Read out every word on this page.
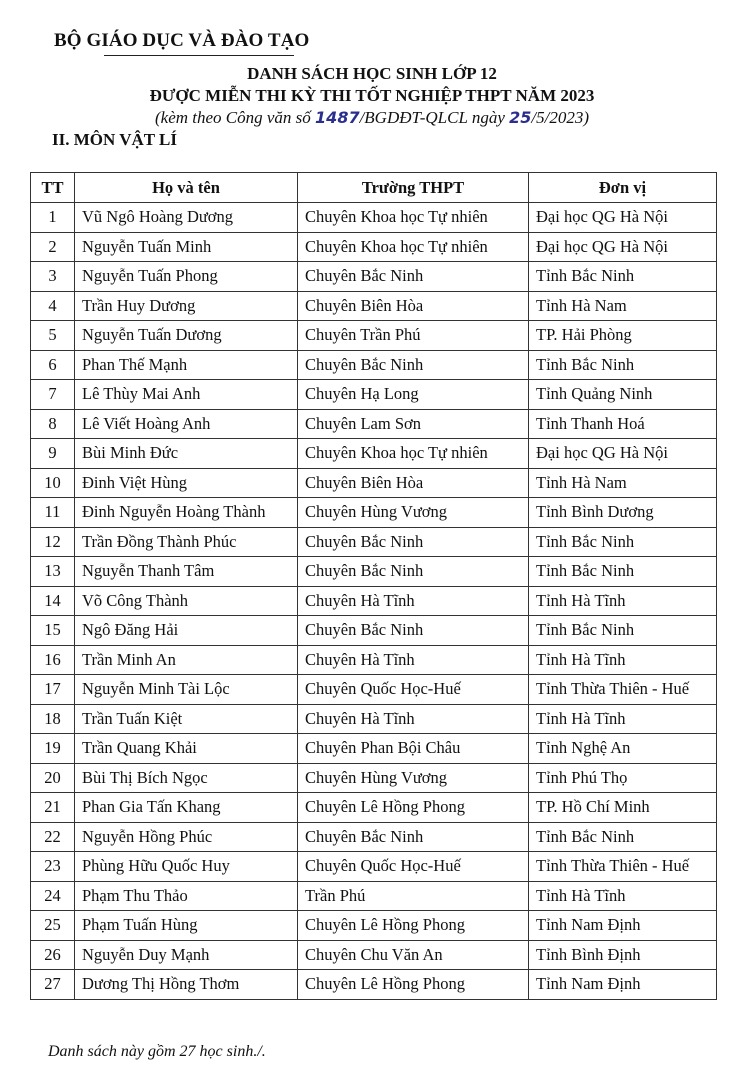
BỘ GIÁO DỤC VÀ ĐÀO TẠO
DANH SÁCH HỌC SINH LỚP 12
ĐƯỢC MIỄN THI KỲ THI TỐT NGHIỆP THPT NĂM 2023
(kèm theo Công văn số 1487/BGDĐT-QLCL ngày 25/5/2023)
II. MÔN VẬT LÍ
TT	Họ và tên	Trường THPT	Đơn vị
1	Vũ Ngô Hoàng Dương	Chuyên Khoa học Tự nhiên	Đại học QG Hà Nội
2	Nguyễn Tuấn Minh	Chuyên Khoa học Tự nhiên	Đại học QG Hà Nội
3	Nguyễn Tuấn Phong	Chuyên Bắc Ninh	Tỉnh Bắc Ninh
4	Trần Huy Dương	Chuyên Biên Hòa	Tỉnh Hà Nam
5	Nguyễn Tuấn Dương	Chuyên Trần Phú	TP. Hải Phòng
6	Phan Thế Mạnh	Chuyên Bắc Ninh	Tỉnh Bắc Ninh
7	Lê Thùy Mai Anh	Chuyên Hạ Long	Tỉnh Quảng Ninh
8	Lê Viết Hoàng Anh	Chuyên Lam Sơn	Tỉnh Thanh Hoá
9	Bùi Minh Đức	Chuyên Khoa học Tự nhiên	Đại học QG Hà Nội
10	Đinh Việt Hùng	Chuyên Biên Hòa	Tỉnh Hà Nam
11	Đinh Nguyễn Hoàng Thành	Chuyên Hùng Vương	Tỉnh Bình Dương
12	Trần Đồng Thành Phúc	Chuyên Bắc Ninh	Tỉnh Bắc Ninh
13	Nguyễn Thanh Tâm	Chuyên Bắc Ninh	Tỉnh Bắc Ninh
14	Võ Công Thành	Chuyên Hà Tĩnh	Tỉnh Hà Tĩnh
15	Ngô Đăng Hải	Chuyên Bắc Ninh	Tỉnh Bắc Ninh
16	Trần Minh An	Chuyên Hà Tĩnh	Tỉnh Hà Tĩnh
17	Nguyễn Minh Tài Lộc	Chuyên Quốc Học-Huế	Tỉnh Thừa Thiên - Huế
18	Trần Tuấn Kiệt	Chuyên Hà Tĩnh	Tỉnh Hà Tĩnh
19	Trần Quang Khải	Chuyên Phan Bội Châu	Tỉnh Nghệ An
20	Bùi Thị Bích Ngọc	Chuyên Hùng Vương	Tỉnh Phú Thọ
21	Phan Gia Tấn Khang	Chuyên Lê Hồng Phong	TP. Hồ Chí Minh
22	Nguyễn Hồng Phúc	Chuyên Bắc Ninh	Tỉnh Bắc Ninh
23	Phùng Hữu Quốc Huy	Chuyên Quốc Học-Huế	Tỉnh Thừa Thiên - Huế
24	Phạm Thu Thảo	Trần Phú	Tỉnh Hà Tĩnh
25	Phạm Tuấn Hùng	Chuyên Lê Hồng Phong	Tỉnh Nam Định
26	Nguyễn Duy Mạnh	Chuyên Chu Văn An	Tỉnh Bình Định
27	Dương Thị Hồng Thơm	Chuyên Lê Hồng Phong	Tỉnh Nam Định
Danh sách này gồm 27 học sinh./.
